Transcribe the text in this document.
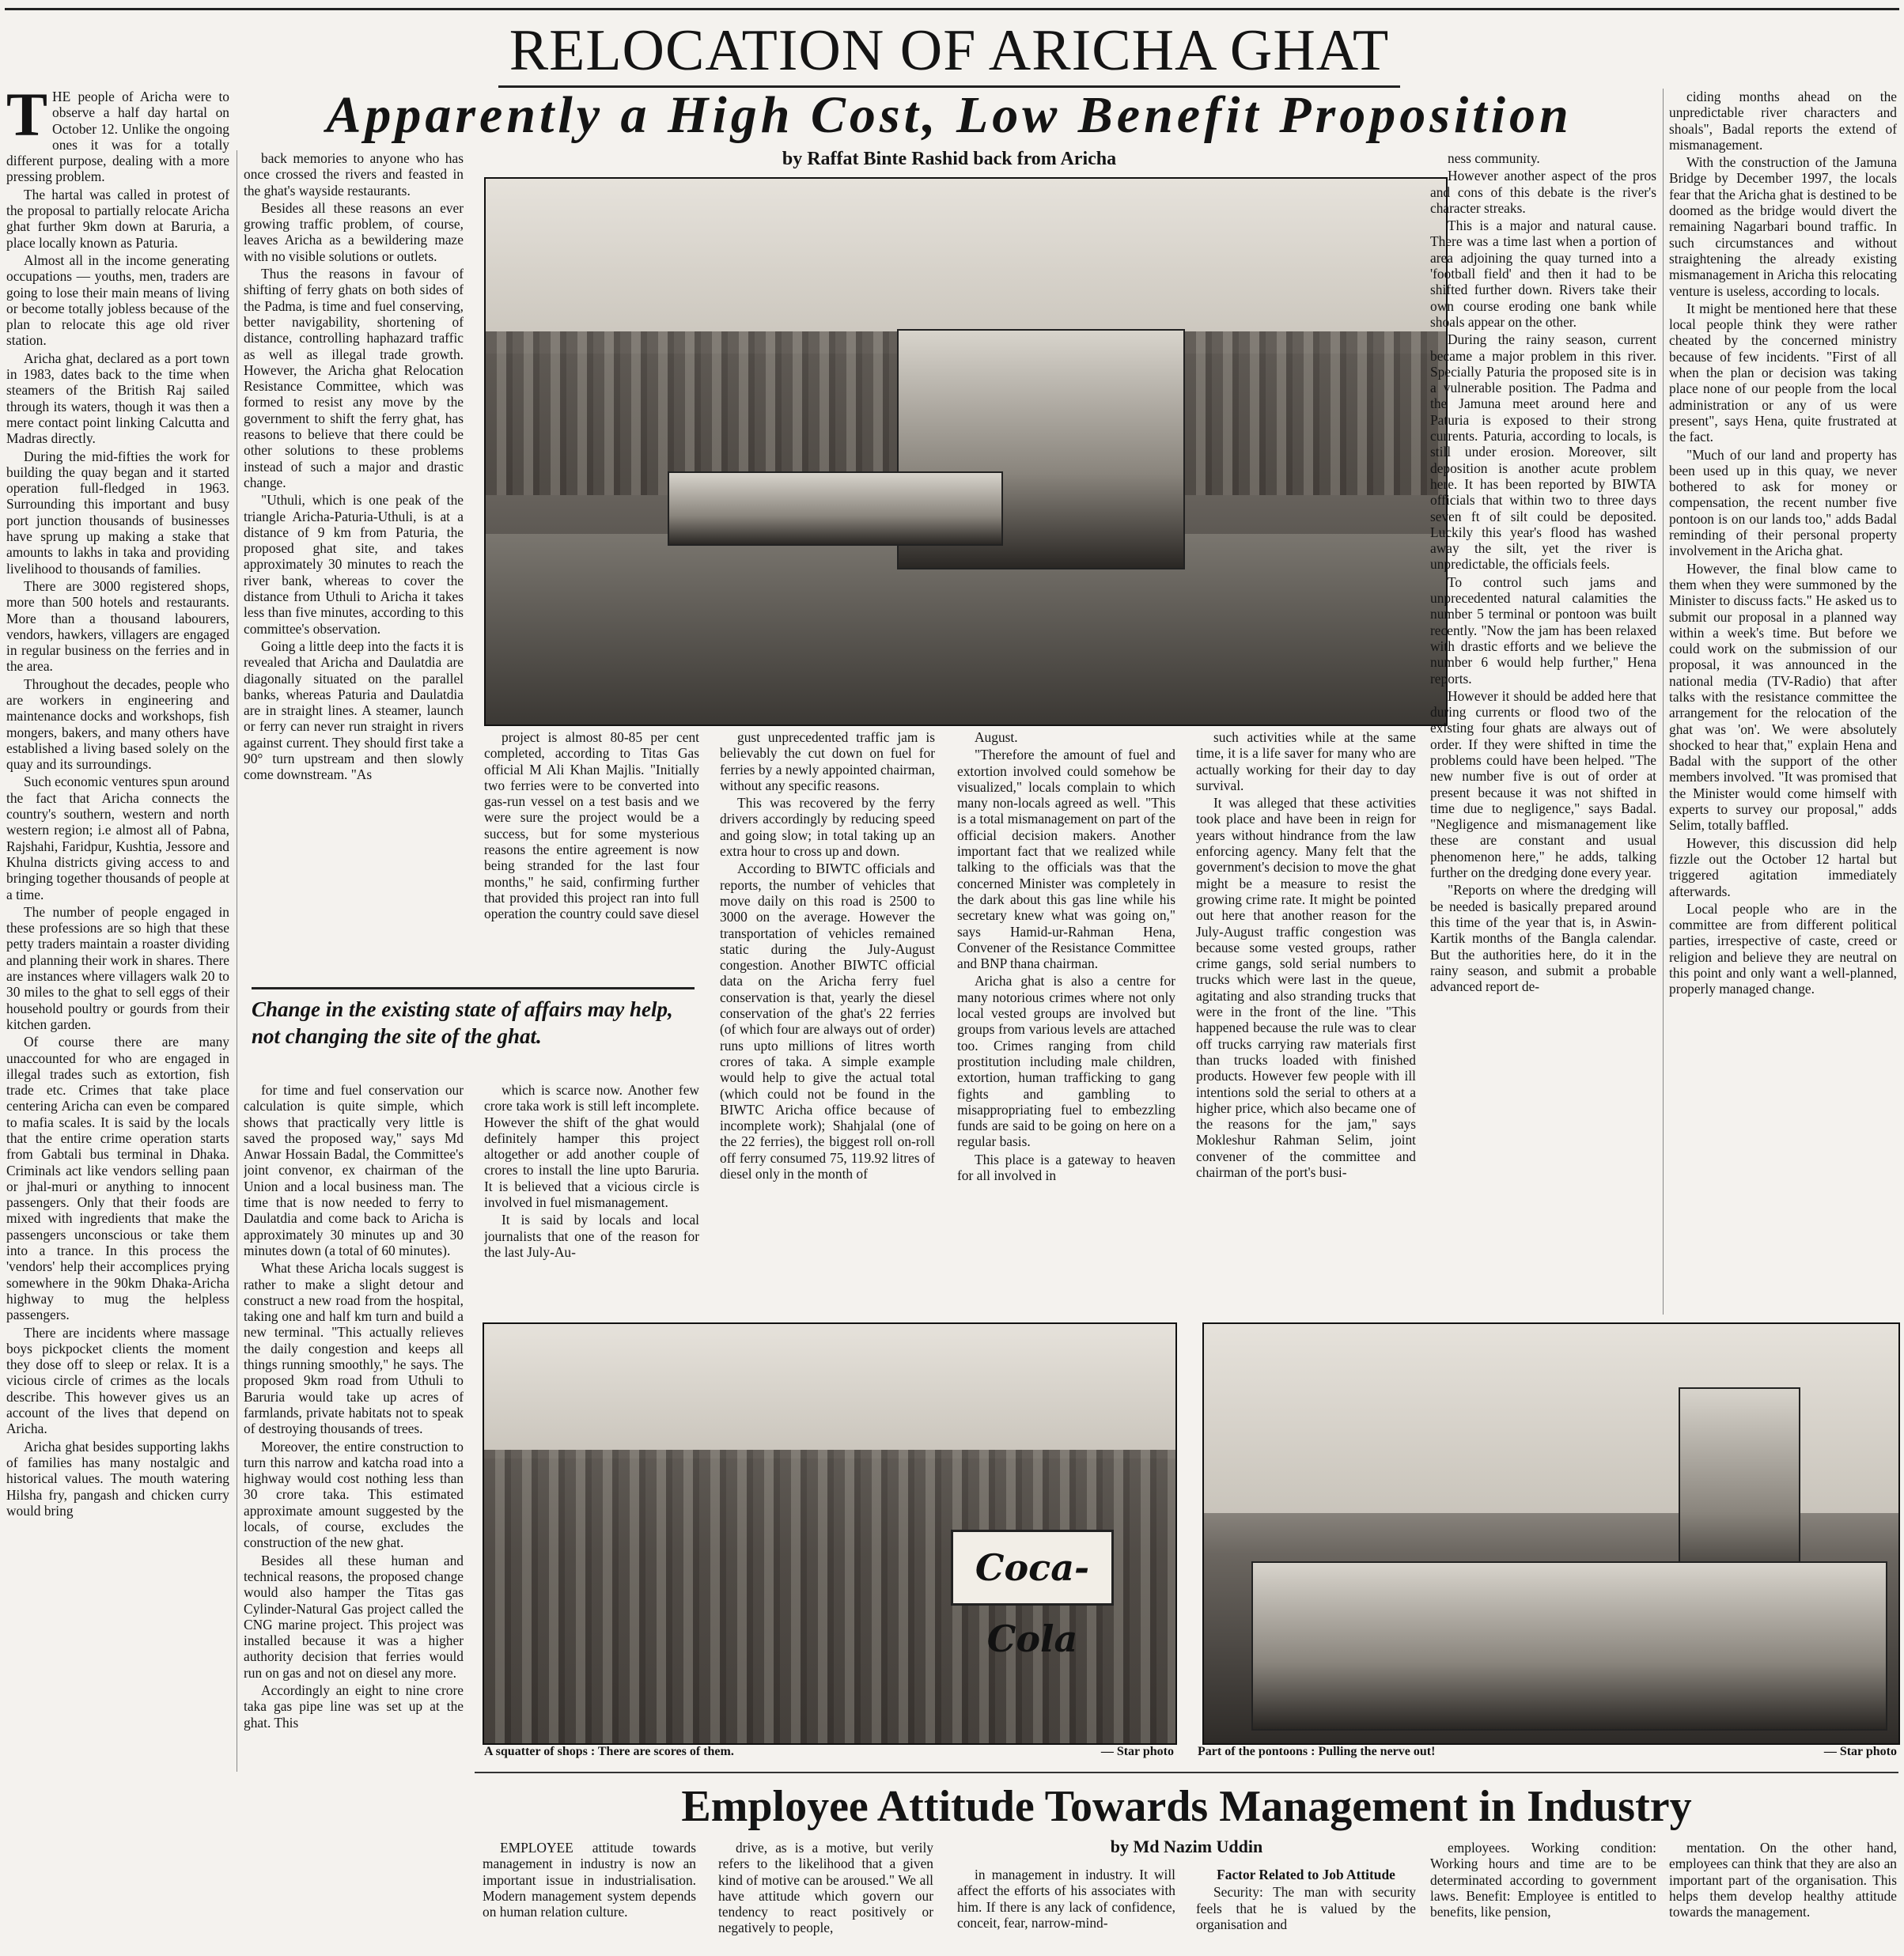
RELOCATION OF ARICHA GHAT
Apparently a High Cost, Low Benefit Proposition
by Raffat Binte Rashid back from Aricha

THE people of Aricha were to observe a half day hartal on October 12. Unlike the ongoing ones it was for a totally different purpose, dealing with a more pressing problem.

The hartal was called in protest of the proposal to partially relocate Aricha ghat further 9km down at Baruria, a place locally known as Paturia.

Almost all in the income generating occupations — youths, men, traders are going to lose their main means of living or become totally jobless because of the plan to relocate this age old river station.

Aricha ghat, declared as a port town in 1983, dates back to the time when steamers of the British Raj sailed through its waters, though it was then a mere contact point linking Calcutta and Madras directly.

During the mid-fifties the work for building the quay began and it started operation full-fledged in 1963. Surrounding this important and busy port junction thousands of businesses have sprung up making a stake that amounts to lakhs in taka and providing livelihood to thousands of families.

There are 3000 registered shops, more than 500 hotels and restaurants. More than a thousand labourers, vendors, hawkers, villagers are engaged in regular business on the ferries and in the area.

Throughout the decades, people who are workers in engineering and maintenance docks and workshops, fish mongers, bakers, and many others have established a living based solely on the quay and its surroundings.

Such economic ventures spun around the fact that Aricha connects the country's southern, western and north western region; i.e almost all of Pabna, Rajshahi, Faridpur, Kushtia, Jessore and Khulna districts giving access to and bringing together thousands of people at a time.

The number of people engaged in these professions are so high that these petty traders maintain a roaster dividing and planning their work in shares. There are instances where villagers walk 20 to 30 miles to the ghat to sell eggs of their household poultry or gourds from their kitchen garden.

Of course there are many unaccounted for who are engaged in illegal trades such as extortion, fish trade etc. Crimes that take place centering Aricha can even be compared to mafia scales. It is said by the locals that the entire crime operation starts from Gabtali bus terminal in Dhaka. Criminals act like vendors selling paan or jhal-muri or anything to innocent passengers. Only that their foods are mixed with ingredients that make the passengers unconscious or take them into a trance. In this process the 'vendors' help their accomplices prying somewhere in the 90km Dhaka-Aricha highway to mug the helpless passengers.

There are incidents where massage boys pickpocket clients the moment they dose off to sleep or relax. It is a vicious circle of crimes as the locals describe. This however gives us an account of the lives that depend on Aricha.

Aricha ghat besides supporting lakhs of families has many nostalgic and historical values. The mouth watering Hilsha fry, pangash and chicken curry would bring

back memories to anyone who has once crossed the rivers and feasted in the ghat's wayside restaurants.

Besides all these reasons an ever growing traffic problem, of course, leaves Aricha as a bewildering maze with no visible solutions or outlets.

Thus the reasons in favour of shifting of ferry ghats on both sides of the Padma, is time and fuel conserving, better navigability, shortening of distance, controlling haphazard traffic as well as illegal trade growth. However, the Aricha ghat Relocation Resistance Committee, which was formed to resist any move by the government to shift the ferry ghat, has reasons to believe that there could be other solutions to these problems instead of such a major and drastic change.

"Uthuli, which is one peak of the triangle Aricha-Paturia-Uthuli, is at a distance of 9 km from Paturia, the proposed ghat site, and takes approximately 30 minutes to reach the river bank, whereas to cover the distance from Uthuli to Aricha it takes less than five minutes, according to this committee's observation.

Going a little deep into the facts it is revealed that Aricha and Daulatdia are diagonally situated on the parallel banks, whereas Paturia and Daulatdia are in straight lines. A steamer, launch or ferry can never run straight in rivers against current. They should first take a 90° turn upstream and then slowly come downstream. "As

project is almost 80-85 per cent completed, according to Titas Gas official M Ali Khan Majlis. "Initially two ferries were to be converted into gas-run vessel on a test basis and we were sure the project would be a success, but for some mysterious reasons the entire agreement is now being stranded for the last four months," he said, confirming further that provided this project ran into full operation the country could save diesel

gust unprecedented traffic jam is believably the cut down on fuel for ferries by a newly appointed chairman, without any specific reasons.

This was recovered by the ferry drivers accordingly by reducing speed and going slow; in total taking up an extra hour to cross up and down.

According to BIWTC officials and reports, the number of vehicles that move daily on this road is 2500 to 3000 on the average. However the transportation of vehicles remained static during the July-August congestion. Another BIWTC official data on the Aricha ferry fuel conservation is that, yearly the diesel conservation of the ghat's 22 ferries (of which four are always out of order) runs upto millions of litres worth crores of taka. A simple example would help to give the actual total (which could not be found in the BIWTC Aricha office because of incomplete work); Shahjalal (one of the 22 ferries), the biggest roll on-roll off ferry consumed 75, 119.92 litres of diesel only in the month of

August.

"Therefore the amount of fuel and extortion involved could somehow be visualized," locals complain to which many non-locals agreed as well. "This is a total mismanagement on part of the official decision makers. Another important fact that we realized while talking to the officials was that the concerned Minister was completely in the dark about this gas line while his secretary knew what was going on," says Hamid-ur-Rahman Hena, Convener of the Resistance Committee and BNP thana chairman.

Aricha ghat is also a centre for many notorious crimes where not only local vested groups are involved but groups from various levels are attached too. Crimes ranging from child prostitution including male children, extortion, human trafficking to gang fights and gambling to misappropriating fuel to embezzling funds are said to be going on here on a regular basis.

This place is a gateway to heaven for all involved in

such activities while at the same time, it is a life saver for many who are actually working for their day to day survival.

It was alleged that these activities took place and have been in reign for years without hindrance from the law enforcing agency. Many felt that the government's decision to move the ghat might be a measure to resist the growing crime rate. It might be pointed out here that another reason for the July-August traffic congestion was because some vested groups, rather crime gangs, sold serial numbers to trucks which were last in the queue, agitating and also stranding trucks that were in the front of the line. "This happened because the rule was to clear off trucks carrying raw materials first than trucks loaded with finished products. However few people with ill intentions sold the serial to others at a higher price, which also became one of the reasons for the jam," says Mokleshur Rahman Selim, joint convener of the committee and chairman of the port's busi-

Change in the existing state of affairs may help, not changing the site of the ghat.

for time and fuel conservation our calculation is quite simple, which shows that practically very little is saved the proposed way," says Md Anwar Hossain Badal, the Committee's joint convenor, ex chairman of the Union and a local business man. The time that is now needed to ferry to Daulatdia and come back to Aricha is approximately 30 minutes up and 30 minutes down (a total of 60 minutes).

What these Aricha locals suggest is rather to make a slight detour and construct a new road from the hospital, taking one and half km turn and build a new terminal. "This actually relieves the daily congestion and keeps all things running smoothly," he says. The proposed 9km road from Uthuli to Baruria would take up acres of farmlands, private habitats not to speak of destroying thousands of trees.

Moreover, the entire construction to turn this narrow and katcha road into a highway would cost nothing less than 30 crore taka. This estimated approximate amount suggested by the locals, of course, excludes the construction of the new ghat.

Besides all these human and technical reasons, the proposed change would also hamper the Titas gas Cylinder-Natural Gas project called the CNG marine project. This project was installed because it was a higher authority decision that ferries would run on gas and not on diesel any more.

Accordingly an eight to nine crore taka gas pipe line was set up at the ghat. This

which is scarce now. Another few crore taka work is still left incomplete. However the shift of the ghat would definitely hamper this project altogether or add another couple of crores to install the line upto Baruria. It is believed that a vicious circle is involved in fuel mismanagement.

It is said by locals and local journalists that one of the reason for the last July-Au-

ness community.

However another aspect of the pros and cons of this debate is the river's character streaks.

This is a major and natural cause. There was a time last when a portion of area adjoining the quay turned into a 'football field' and then it had to be shifted further down. Rivers take their own course eroding one bank while shoals appear on the other.

During the rainy season, current became a major problem in this river. Specially Paturia the proposed site is in a vulnerable position. The Padma and the Jamuna meet around here and Paturia is exposed to their strong currents. Paturia, according to locals, is still under erosion. Moreover, silt deposition is another acute problem here. It has been reported by BIWTA officials that within two to three days seven ft of silt could be deposited. Luckily this year's flood has washed away the silt, yet the river is unpredictable, the officials feels.

To control such jams and unprecedented natural calamities the number 5 terminal or pontoon was built recently. "Now the jam has been relaxed with drastic efforts and we believe the number 6 would help further," Hena reports.

However it should be added here that during currents or flood two of the existing four ghats are always out of order. If they were shifted in time the problems could have been helped. "The new number five is out of order at present because it was not shifted in time due to negligence," says Badal. "Negligence and mismanagement like these are constant and usual phenomenon here," he adds, talking further on the dredging done every year.

"Reports on where the dredging will be needed is basically prepared around this time of the year that is, in Aswin-Kartik months of the Bangla calendar. But the authorities here, do it in the rainy season, and submit a probable advanced report de-

ciding months ahead on the unpredictable river characters and shoals", Badal reports the extend of mismanagement.

With the construction of the Jamuna Bridge by December 1997, the locals fear that the Aricha ghat is destined to be doomed as the bridge would divert the remaining Nagarbari bound traffic. In such circumstances and without straightening the already existing mismanagement in Aricha this relocating venture is useless, according to locals.

It might be mentioned here that these local people think they were rather cheated by the concerned ministry because of few incidents. "First of all when the plan or decision was taking place none of our people from the local administration or any of us were present", says Hena, quite frustrated at the fact.

"Much of our land and property has been used up in this quay, we never bothered to ask for money or compensation, the recent number five pontoon is on our lands too," adds Badal reminding of their personal property involvement in the Aricha ghat.

However, the final blow came to them when they were summoned by the Minister to discuss facts." He asked us to submit our proposal in a planned way within a week's time. But before we could work on the submission of our proposal, it was announced in the national media (TV-Radio) that after talks with the resistance committee the arrangement for the relocation of the ghat was 'on'. We were absolutely shocked to hear that," explain Hena and Badal with the support of the other members involved. "It was promised that the Minister would come himself with experts to survey our proposal," adds Selim, totally baffled.

However, this discussion did help fizzle out the October 12 hartal but triggered agitation immediately afterwards.

Local people who are in the committee are from different political parties, irrespective of caste, creed or religion and believe they are neutral on this point and only want a well-planned, properly managed change.

Coca-Cola
A squatter of shops : There are scores of them.	— Star photo Part of the pontoons : Pulling the nerve out!	— Star photo
Employee Attitude Towards Management in Industry
by Md Nazim Uddin

EMPLOYEE attitude towards management in industry is now an important issue in industrialisation. Modern management system depends on human relation culture.

drive, as is a motive, but verily refers to the likelihood that a given kind of motive can be aroused." We all have attitude which govern our tendency to react positively or negatively to people,

in management in industry. It will affect the efforts of his associates with him. If there is any lack of confidence, conceit, fear, narrow-mind-

Factor Related to Job Attitude

Security: The man with security feels that he is valued by the organisation and

employees. Working condition: Working hours and time are to be determinated according to government laws. Benefit: Employee is entitled to benefits, like pension,

mentation. On the other hand, employees can think that they are also an important part of the organisation. This helps them develop healthy attitude towards the management.
